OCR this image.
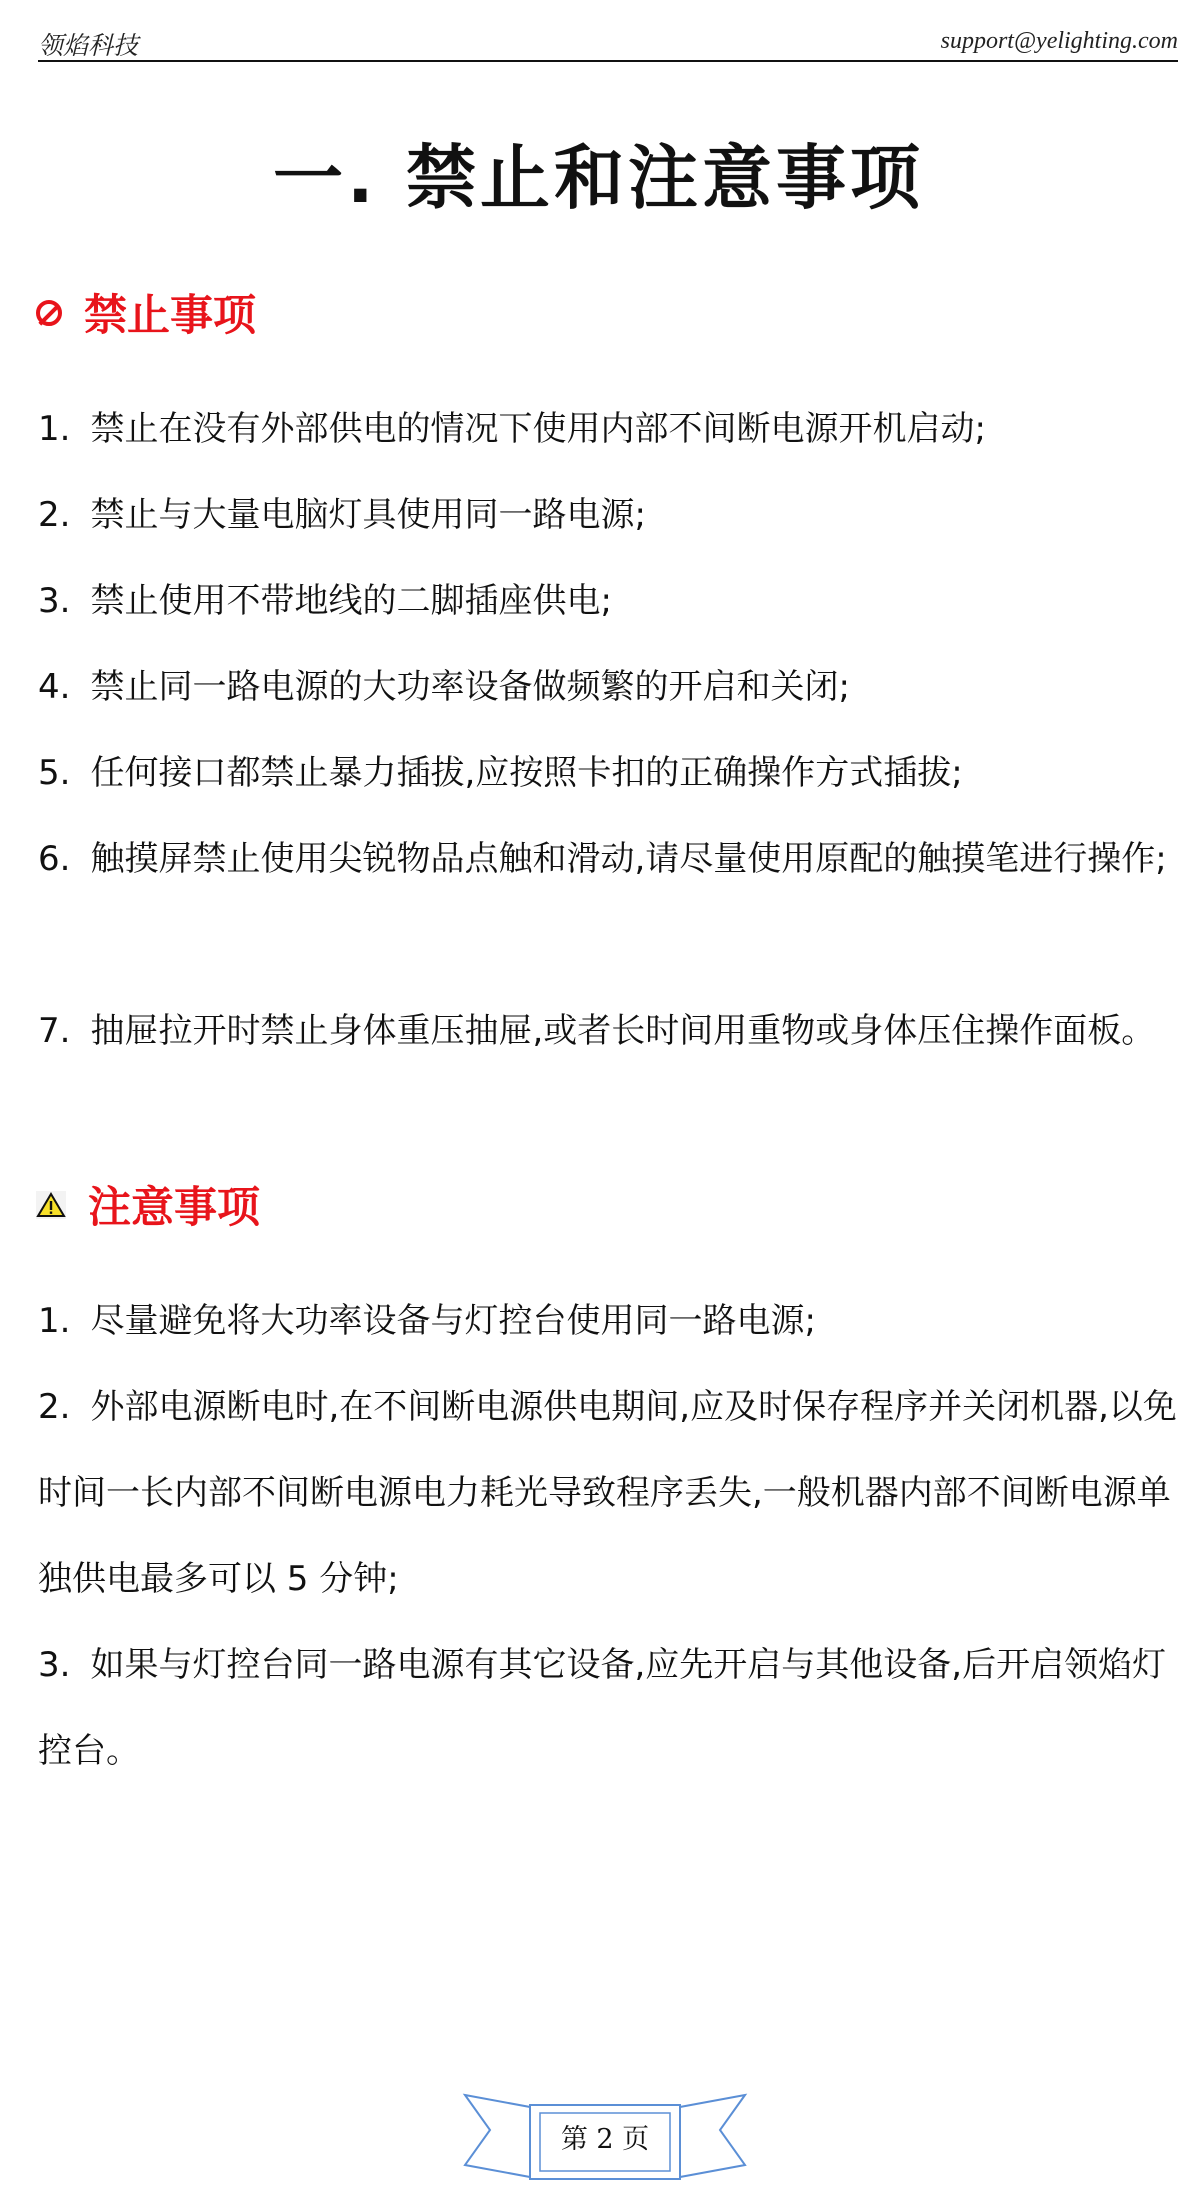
领焰科技	support@yelighting.com
一. 禁止和注意事项
禁止事项
1. 禁止在没有外部供电的情况下使用内部不间断电源开机启动;
2. 禁止与大量电脑灯具使用同一路电源;
3. 禁止使用不带地线的二脚插座供电;
4. 禁止同一路电源的大功率设备做频繁的开启和关闭;
5. 任何接口都禁止暴力插拔,应按照卡扣的正确操作方式插拔;
6. 触摸屏禁止使用尖锐物品点触和滑动,请尽量使用原配的触摸笔进行操作;
7. 抽屉拉开时禁止身体重压抽屉,或者长时间用重物或身体压住操作面板。
注意事项
1. 尽量避免将大功率设备与灯控台使用同一路电源;
2. 外部电源断电时,在不间断电源供电期间,应及时保存程序并关闭机器,以免时间一长内部不间断电源电力耗光导致程序丢失,一般机器内部不间断电源单独供电最多可以 5 分钟;
3. 如果与灯控台同一路电源有其它设备,应先开启与其他设备,后开启领焰灯控台。
第 2 页
